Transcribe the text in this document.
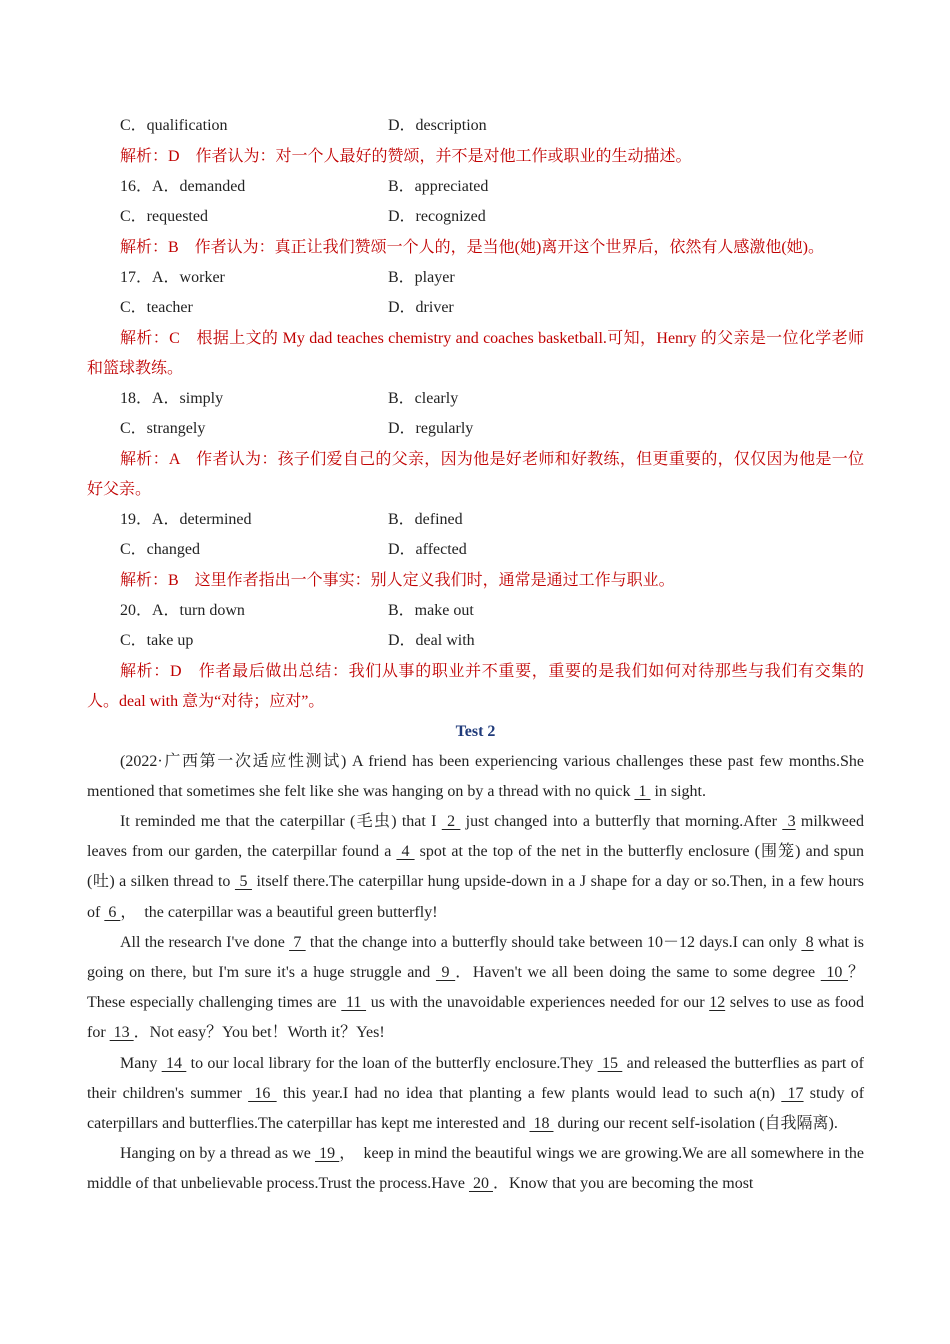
C．qualification	D．description
解析：D　作者认为：对一个人最好的赞颂，并不是对他工作或职业的生动描述。
16．A．demanded	B．appreciated
C．requested	D．recognized
解析：B　作者认为：真正让我们赞颂一个人的，是当他(她)离开这个世界后，依然有人感激他(她)。
17．A．worker	B．player
C．teacher	D．driver
解析：C　根据上文的 My dad teaches chemistry and coaches basketball.可知，Henry 的父亲是一位化学老师和篮球教练。
18．A．simply	B．clearly
C．strangely	D．regularly
解析：A　作者认为：孩子们爱自己的父亲，因为他是好老师和好教练，但更重要的，仅仅因为他是一位好父亲。
19．A．determined	B．defined
C．changed	D．affected
解析：B　这里作者指出一个事实：别人定义我们时，通常是通过工作与职业。
20．A．turn down	B．make out
C．take up	D．deal with
解析：D　作者最后做出总结：我们从事的职业并不重要，重要的是我们如何对待那些与我们有交集的人。deal with 意为“对待；应对”。
Test 2
(2022·广西第一次适应性测试) A friend has been experiencing various challenges these past few months.She mentioned that sometimes she felt like she was hanging on by a thread with no quick  1  in sight.
It reminded me that the caterpillar (毛虫) that I  2  just changed into a butterfly that morning.After  3 milkweed leaves from our garden, the caterpillar found a  4  spot at the top of the net in the butterfly enclosure (围笼) and spun (吐) a silken thread to  5  itself there.The caterpillar hung upside-down in a J shape for a day or so.Then, in a few hours of  6 ，　the caterpillar was a beautiful green butterfly!
All the research I've done  7  that the change into a butterfly should take between 10－12 days.I can only  8 what is going on there, but I'm sure it's a huge struggle and  9 ．Haven't we all been doing the same to some degree  10 ？　These especially challenging times are  11  us with the unavoidable experiences needed for our 12 selves to use as food for  13 ．Not easy？You bet！Worth it？Yes!
Many  14  to our local library for the loan of the butterfly enclosure.They  15  and released the butterflies as part of their children's summer  16  this year.I had no idea that planting a few plants would lead to such a(n)  17 study of caterpillars and butterflies.The caterpillar has kept me interested and  18  during our recent self-isolation (自我隔离).
Hanging on by a thread as we  19 ，　keep in mind the beautiful wings we are growing.We are all somewhere in the middle of that unbelievable process.Trust the process.Have  20 ．Know that you are becoming the most
